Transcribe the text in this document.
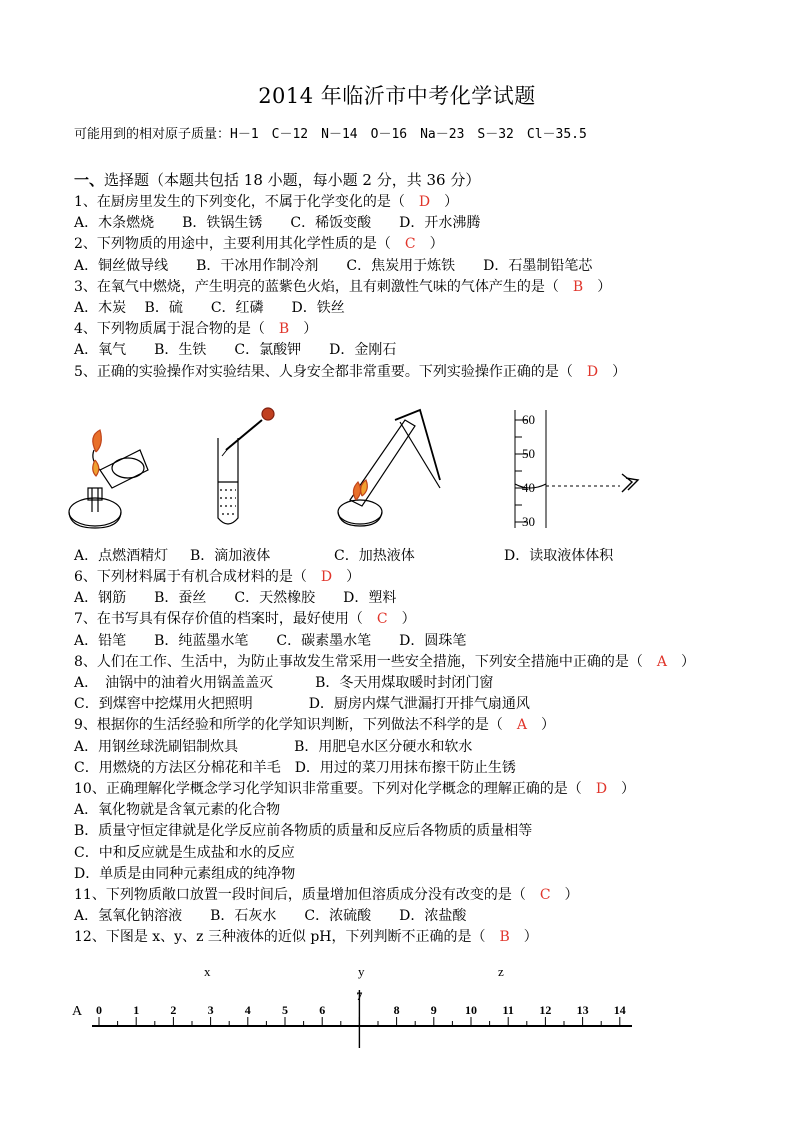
2014 年临沂市中考化学试题
可能用到的相对原子质量：H－1　C－12　N－14　O－16　Na－23　S－32　Cl－35.5
一、选择题（本题共包括 18 小题，每小题 2 分，共 36 分）
1、在厨房里发生的下列变化，不属于化学变化的是（　D　）
A．木条燃烧　　B．铁锅生锈　　C．稀饭变酸　　D．开水沸腾
2、下列物质的用途中，主要利用其化学性质的是（　C　）
A．铜丝做导线　　B．干冰用作制冷剂　　C．焦炭用于炼铁　　D．石墨制铅笔芯
3、在氧气中燃烧，产生明亮的蓝紫色火焰，且有刺激性气味的气体产生的是（　B　）
A．木炭　 B．硫　　C．红磷　　D．铁丝
4、下列物质属于混合物的是（　B　）
A．氧气　　B．生铁　　C．氯酸钾　　D．金刚石
5、正确的实验操作对实验结果、人身安全都非常重要。下列实验操作正确的是（　D　）
60
50
40
30
A．点燃酒精灯 B．滴加液体	C．加热液体	D．读取液体体积
6、下列材料属于有机合成材料的是（　D　）
A．钢筋　　B．蚕丝　　C．天然橡胶　　D．塑料
7、在书写具有保存价值的档案时，最好使用（　C　）
A．铅笔　　B．纯蓝墨水笔　　C．碳素墨水笔　　D．圆珠笔
8、人们在工作、生活中，为防止事故发生常采用一些安全措施，下列安全措施中正确的是（　A　）
A．　油锅中的油着火用锅盖盖灭　　　B．冬天用煤取暖时封闭门窗
C．到煤窖中挖煤用火把照明　　　　D．厨房内煤气泄漏打开排气扇通风
9、根据你的生活经验和所学的化学知识判断，下列做法不科学的是（　A　）
A．用钢丝球洗刷铝制炊具　　　　B．用肥皂水区分硬水和软水
C．用燃烧的方法区分棉花和羊毛　D．用过的菜刀用抹布擦干防止生锈
10、正确理解化学概念学习化学知识非常重要。下列对化学概念的理解正确的是（　D　）
A．氧化物就是含氧元素的化合物
B．质量守恒定律就是化学反应前各物质的质量和反应后各物质的质量相等
C．中和反应就是生成盐和水的反应
D．单质是由同种元素组成的纯净物
11、下列物质敞口放置一段时间后，质量增加但溶质成分没有改变的是（　C　）
A．氢氧化钠溶液　　B．石灰水　　C．浓硫酸　　D．浓盐酸
12、下图是 x、y、z 三种液体的近似 pH，下列判断不正确的是（　B　）
x	y	z
A 0	1	2	3	4	5	6
7
8	9 10 11 12 13 14
